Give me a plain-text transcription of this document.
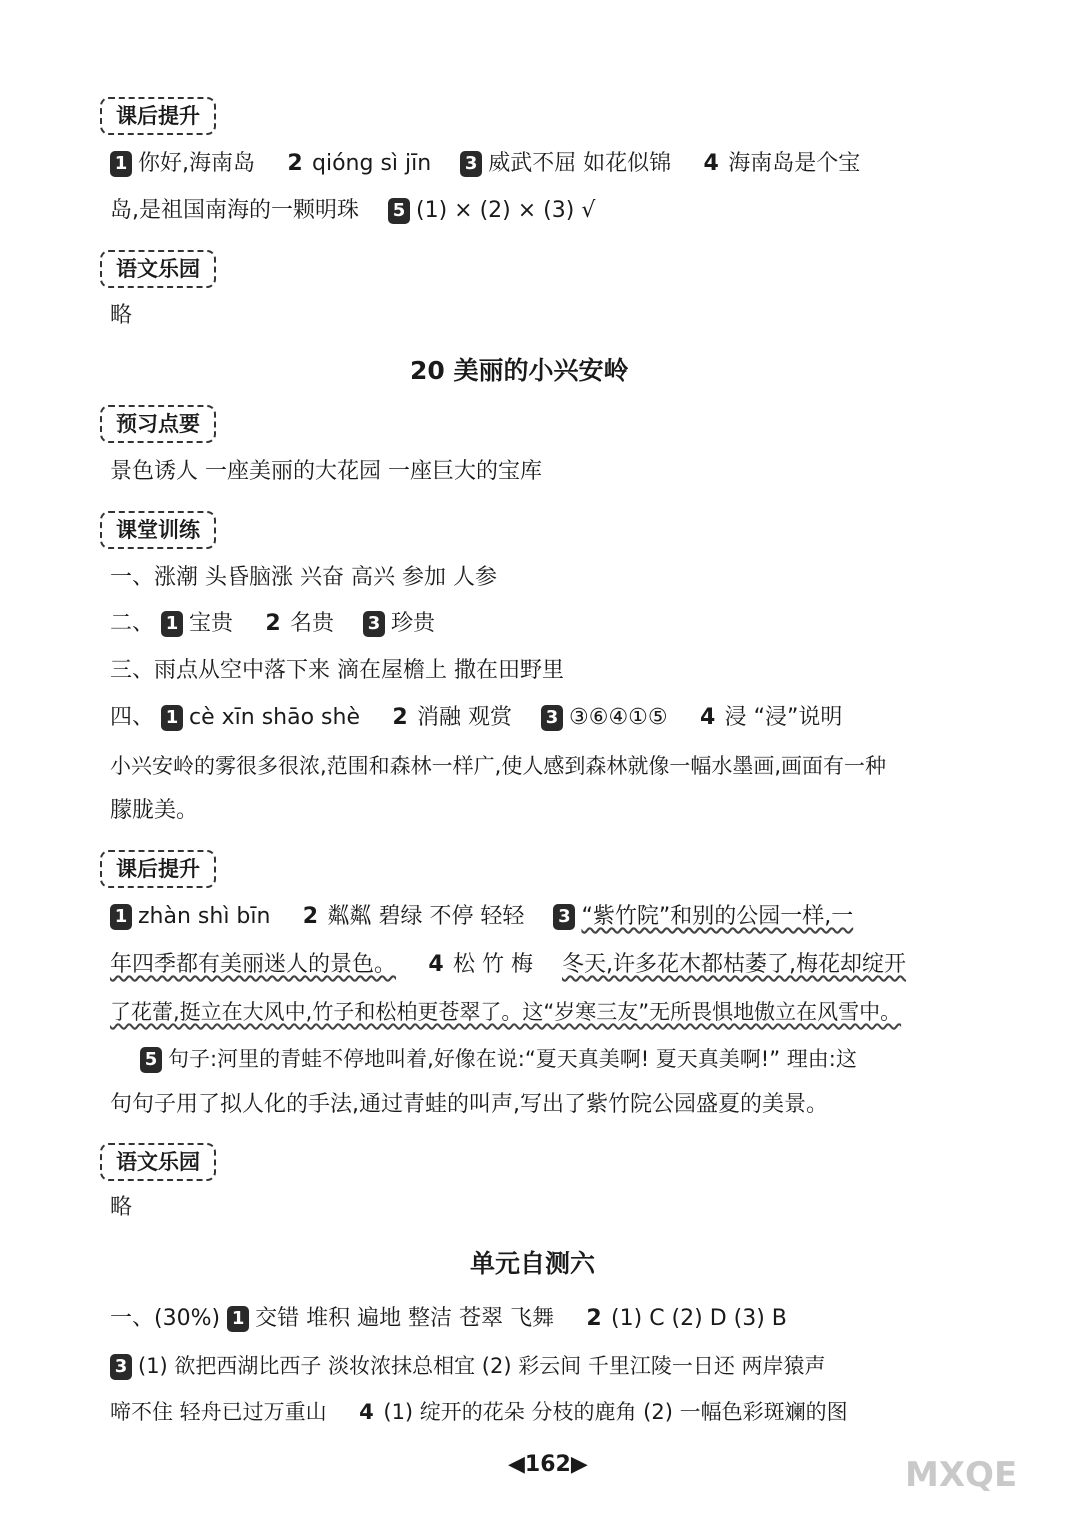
课后提升
1 你好,海南岛 2 qióng sì jīn 3 威武不屈 如花似锦 4 海南岛是个宝
岛,是祖国南海的一颗明珠 5 (1) × (2) × (3) √
语文乐园
略
20 美丽的小兴安岭
预习点要
景色诱人 一座美丽的大花园 一座巨大的宝库
课堂训练
一、涨潮 头昏脑涨 兴奋 高兴 参加 人参
二、 1 宝贵 2 名贵 3 珍贵
三、雨点从空中落下来 滴在屋檐上 撒在田野里
四、 1 cè xīn shāo shè 2 消融 观赏 3 ③⑥④①⑤ 4 浸 “浸”说明
小兴安岭的雾很多很浓,范围和森林一样广,使人感到森林就像一幅水墨画,画面有一种
朦胧美。
课后提升
1 zhàn shì bīn 2 粼粼 碧绿 不停 轻轻 3 “紫竹院”和别的公园一样,一
年四季都有美丽迷人的景色。 4 松 竹 梅 冬天,许多花木都枯萎了,梅花却绽开
了花蕾,挺立在大风中,竹子和松柏更苍翠了。这“岁寒三友”无所畏惧地傲立在风雪中。
5 句子:河里的青蛙不停地叫着,好像在说:“夏天真美啊! 夏天真美啊!” 理由:这
句句子用了拟人化的手法,通过青蛙的叫声,写出了紫竹院公园盛夏的美景。
语文乐园
略
单元自测六
一、(30%) 1 交错 堆积 遍地 整洁 苍翠 飞舞 2 (1) C (2) D (3) B
3 (1) 欲把西湖比西子 淡妆浓抹总相宜 (2) 彩云间 千里江陵一日还 两岸猿声
啼不住 轻舟已过万重山 4 (1) 绽开的花朵 分枝的鹿角 (2) 一幅色彩斑斓的图
◀162▶	MXQE
